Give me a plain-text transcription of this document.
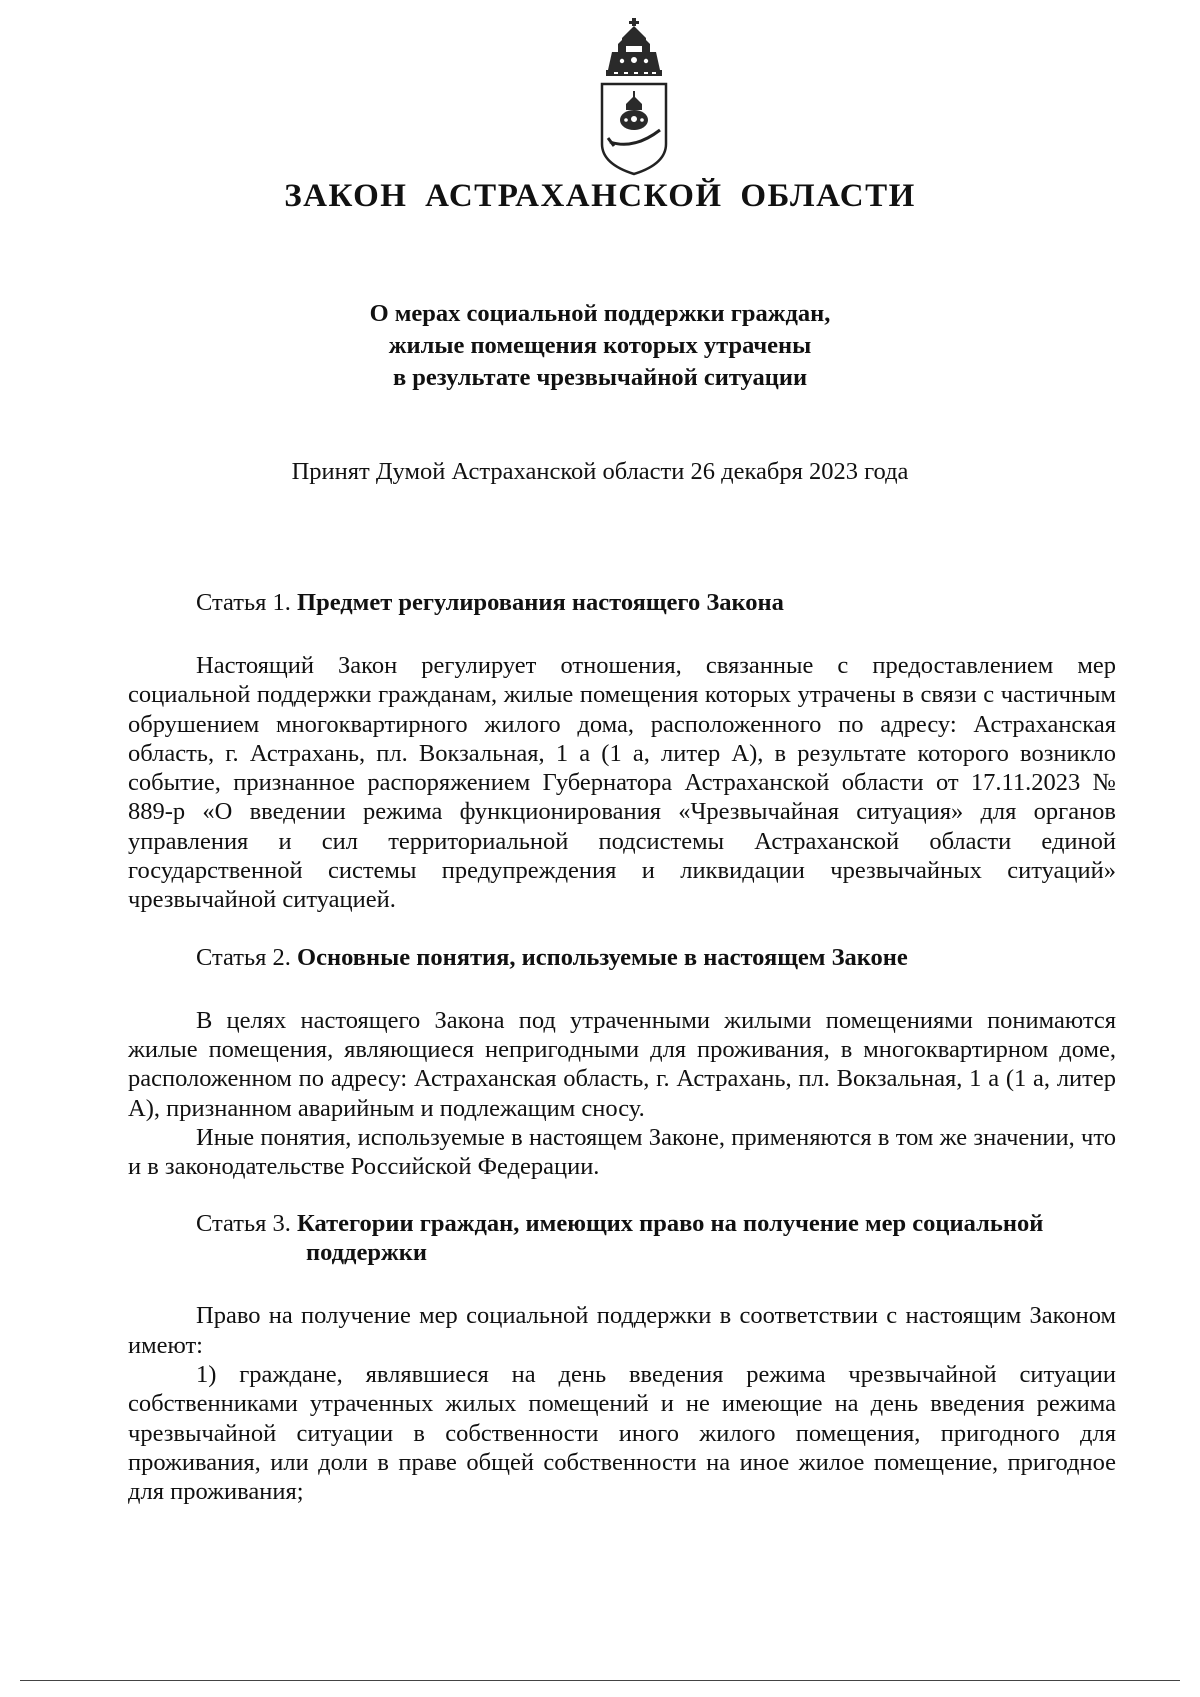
ЗАКОН АСТРАХАНСКОЙ ОБЛАСТИ
О мерах социальной поддержки граждан,
жилые помещения которых утрачены
в результате чрезвычайной ситуации
Принят Думой Астраханской области 26 декабря 2023 года

Статья 1. Предмет регулирования настоящего Закона

Настоящий Закон регулирует отношения, связанные с предоставлением мер социальной поддержки гражданам, жилые помещения которых утрачены в связи с частичным обрушением многоквартирного жилого дома, расположенного по адресу: Астраханская область, г. Астрахань, пл. Вокзальная, 1 а (1 а, литер А), в результате которого возникло событие, признанное распоряжением Губернатора Астраханской области от 17.11.2023 № 889-р «О введении режима функционирования «Чрезвычайная ситуация» для органов управления и сил территориальной подсистемы Астраханской области единой государственной системы предупреждения и ликвидации чрезвычайных ситуаций» чрезвычайной ситуацией.

Статья 2. Основные понятия, используемые в настоящем Законе

В целях настоящего Закона под утраченными жилыми помещениями понимаются жилые помещения, являющиеся непригодными для проживания, в многоквартирном доме, расположенном по адресу: Астраханская область, г. Астрахань, пл. Вокзальная, 1 а (1 а, литер А), признанном аварийным и подлежащим сносу.

Иные понятия, используемые в настоящем Законе, применяются в том же значении, что и в законодательстве Российской Федерации.

Статья 3. Категории граждан, имеющих право на получение мер социальной поддержки

Право на получение мер социальной поддержки в соответствии с настоящим Законом имеют:

1) граждане, являвшиеся на день введения режима чрезвычайной ситуации собственниками утраченных жилых помещений и не имеющие на день введения режима чрезвычайной ситуации в собственности иного жилого помещения, пригодного для проживания, или доли в праве общей собственности на иное жилое помещение, пригодное для проживания;
